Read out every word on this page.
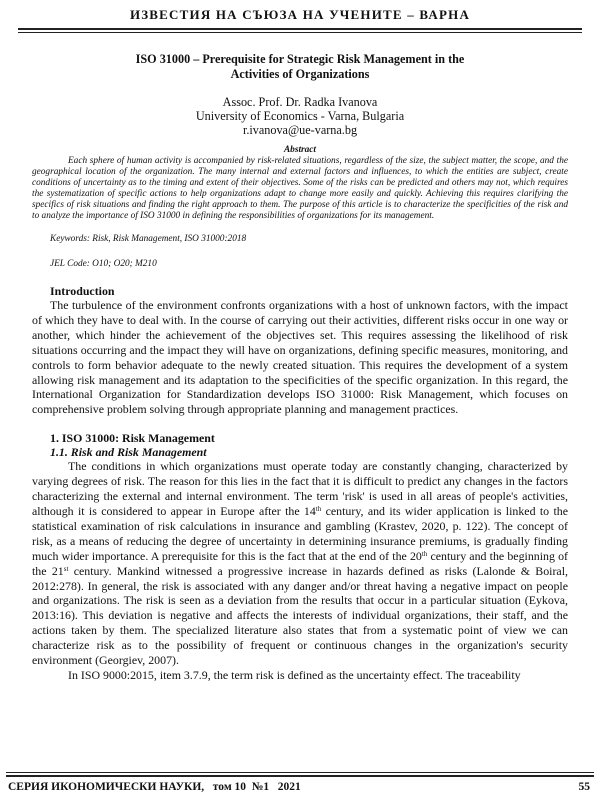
ИЗВЕСТИЯ НА СЪЮЗА НА УЧЕНИТЕ – ВАРНА
ISO 31000 – Prerequisite for Strategic Risk Management in the
Activities of Organizations
Assoc. Prof. Dr. Radka Ivanova
University of Economics - Varna, Bulgaria
r.ivanova@ue-varna.bg
Abstract
Each sphere of human activity is accompanied by risk-related situations, regardless of the size, the subject matter, the scope, and the geographical location of the organization. The many internal and external factors and influences, to which the entities are subject, create conditions of uncertainty as to the timing and extent of their objectives. Some of the risks can be predicted and others may not, which requires the systematization of specific actions to help organizations adapt to change more easily and quickly. Achieving this requires clarifying the specifics of risk situations and finding the right approach to them. The purpose of this article is to characterize the specificities of the risk and to analyze the importance of ISO 31000 in defining the responsibilities of organizations for its management.
Keywords: Risk, Risk Management, ISO 31000:2018
JEL Code: O10; O20; M210
Introduction
The turbulence of the environment confronts organizations with a host of unknown factors, with the impact of which they have to deal with. In the course of carrying out their activities, different risks occur in one way or another, which hinder the achievement of the objectives set. This requires assessing the likelihood of risk situations occurring and the impact they will have on organizations, defining specific measures, monitoring, and controls to form behavior adequate to the newly created situation. This requires the development of a system allowing risk management and its adaptation to the specificities of the specific organization. In this regard, the International Organization for Standardization develops ISO 31000: Risk Management, which focuses on comprehensive problem solving through appropriate planning and management practices.
1. ISO 31000: Risk Management
1.1. Risk and Risk Management
The conditions in which organizations must operate today are constantly changing, characterized by varying degrees of risk. The reason for this lies in the fact that it is difficult to predict any changes in the factors characterizing the external and internal environment. The term 'risk' is used in all areas of people's activities, although it is considered to appear in Europe after the 14th century, and its wider application is linked to the statistical examination of risk calculations in insurance and gambling (Krastev, 2020, p. 122). The concept of risk, as a means of reducing the degree of uncertainty in determining insurance premiums, is gradually finding much wider importance. A prerequisite for this is the fact that at the end of the 20th century and the beginning of the 21st century. Mankind witnessed a progressive increase in hazards defined as risks (Lalonde & Boiral, 2012:278). In general, the risk is associated with any danger and/or threat having a negative impact on people and organizations. The risk is seen as a deviation from the results that occur in a particular situation (Eykova, 2013:16). This deviation is negative and affects the interests of individual organizations, their staff, and the actions taken by them. The specialized literature also states that from a systematic point of view we can characterize risk as to the possibility of frequent or continuous changes in the organization's security environment (Georgiev, 2007).
In ISO 9000:2015, item 3.7.9, the term risk is defined as the uncertainty effect. The traceability
СЕРИЯ ИКОНОМИЧЕСКИ НАУКИ, том 10 №1 2021	55
